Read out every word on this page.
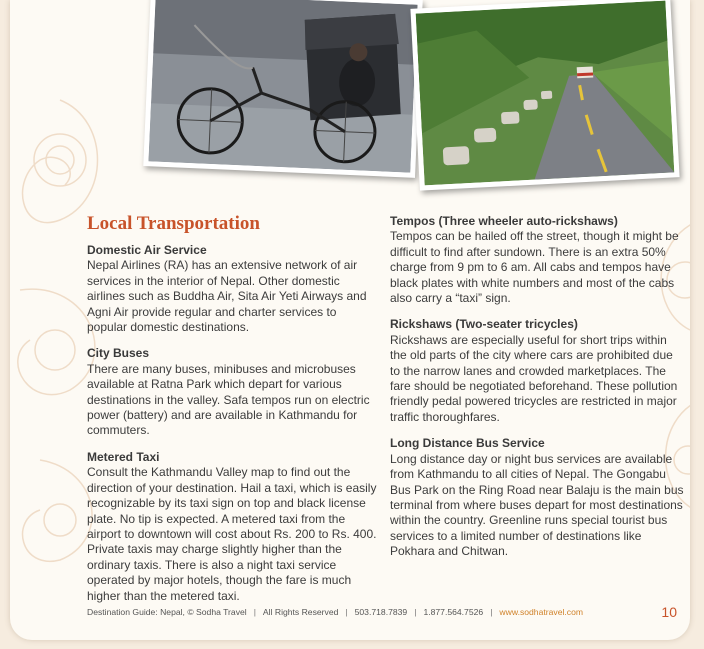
Local Transportation
Domestic Air Service

Nepal Airlines (RA) has an extensive network of air services in the interior of Nepal. Other domestic airlines such as Buddha Air, Sita Air Yeti Airways and Agni Air provide regular and charter services to popular domestic destinations.

City Buses

There are many buses, minibuses and microbuses available at Ratna Park which depart for various destinations in the valley. Safa tempos run on electric power (battery) and are available in Kathmandu for commuters.

Metered Taxi

Consult the Kathmandu Valley map to find out the direction of your destination. Hail a taxi, which is easily recognizable by its taxi sign on top and black license plate. No tip is expected. A metered taxi from the airport to downtown will cost about Rs. 200 to Rs. 400. Private taxis may charge slightly higher than the ordinary taxis. There is also a night taxi service operated by major hotels, though the fare is much higher than the metered taxi.

Tempos (Three wheeler auto-rickshaws)

Tempos can be hailed off the street, though it might be difficult to find after sundown. There is an extra 50% charge from 9 pm to 6 am. All cabs and tempos have black plates with white numbers and most of the cabs also carry a “taxi” sign.

Rickshaws (Two-seater tricycles)

Rickshaws are especially useful for short trips within the old parts of the city where cars are prohibited due to the narrow lanes and crowded marketplaces. The fare should be negotiated beforehand. These pollution friendly pedal powered tricycles are restricted in major traffic thoroughfares.

Long Distance Bus Service

Long distance day or night bus services are available from Kathmandu to all cities of Nepal. The Gongabu Bus Park on the Ring Road near Balaju is the main bus terminal from where buses depart for most destinations within the country. Greenline runs special tourist bus services to a limited number of destinations like Pokhara and Chitwan.

Destination Guide: Nepal, © Sodha Travel | All Rights Reserved | 503.718.7839 | 1.877.564.7526 | www.sodhatravel.com	10
